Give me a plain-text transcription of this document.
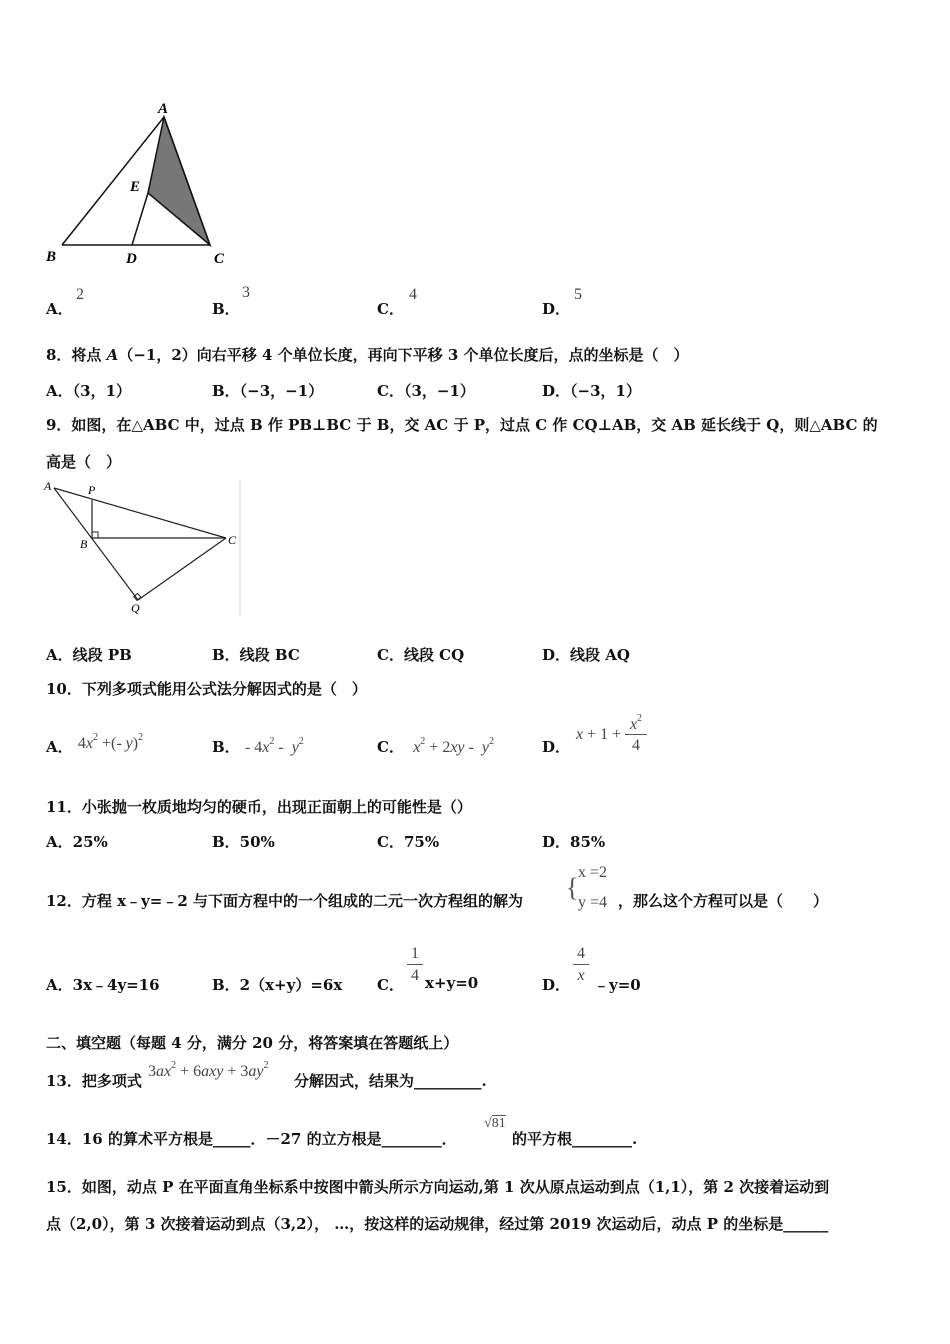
A
E
B	D	C
A．
2
B．
3
C．
4
D．
5
8．将点 A（−1，2）向右平移 4 个单位长度，再向下平移 3 个单位长度后，点的坐标是（　）
A．（3，1）	B．（−3，−1）	C．（3，−1）	D．（−3，1）
9．如图，在△ABC 中，过点 B 作 PB⊥BC 于 B，交 AC 于 P，过点 C 作 CQ⊥AB，交 AB 延长线于 Q，则△ABC 的
高是（　）
A	P
B	C
Q
A．线段 PB	B．线段 BC	C．线段 CQ	D．线段 AQ
10．下列多项式能用公式法分解因式的是（　）
A． $4x^2$ +(- y)$^2$
B． - $4x^2 - y^2$	C． $x^2 + 2xy - y^2$	D．
x + 1 +
$x^2$
4
11．小张抛一枚质地均匀的硬币，出现正面朝上的可能性是（）
A．25%	B．50%	C．75%	D．85%
12．方程 x﹣y=﹣2 与下面方程中的一个组成的二元一次方程组的解为 {
x =2
y =4 ，那么这个方程可以是（　　）
A．3x﹣4y=16	B．2（x+y）=6x C．
1
4 x+y=0	D．
4
x
﹣y=0
二、填空题（每题 4 分，满分 20 分，将答案填在答题纸上）
13．把多项式
$3ax^2 + 6axy + 3ay^2$
分解因式，结果为_________.
14．16 的算术平方根是_____．－27 的立方根是________．
√81
的平方根________.
15．如图，动点 P 在平面直角坐标系中按图中箭头所示方向运动,第 1 次从原点运动到点（1,1），第 2 次接着运动到
点（2,0），第 3 次接着运动到点（3,2）， …，按这样的运动规律，经过第 2019 次运动后，动点 P 的坐标是______
